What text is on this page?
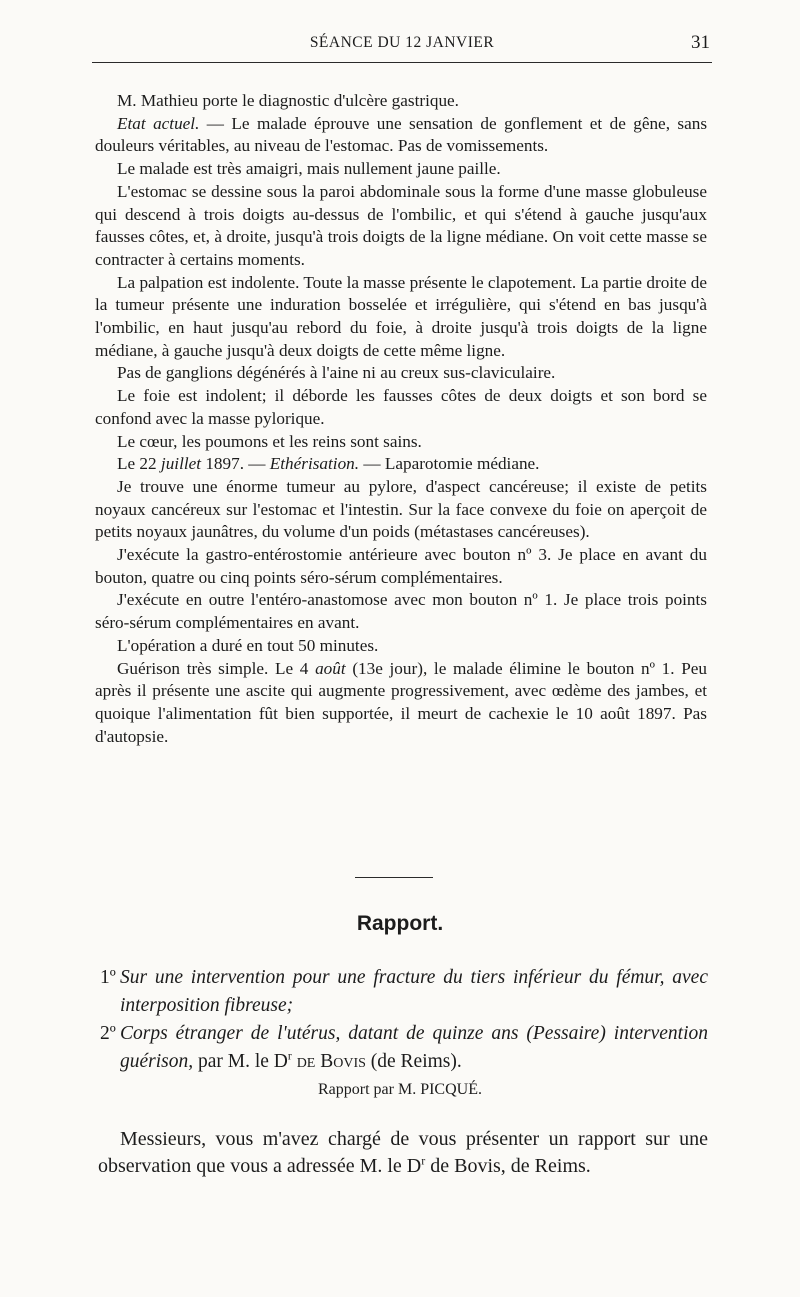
SÉANCE DU 12 JANVIER	31

M. Mathieu porte le diagnostic d'ulcère gastrique.

Etat actuel. — Le malade éprouve une sensation de gonflement et de gêne, sans douleurs véritables, au niveau de l'estomac. Pas de vomissements.

Le malade est très amaigri, mais nullement jaune paille.

L'estomac se dessine sous la paroi abdominale sous la forme d'une masse globuleuse qui descend à trois doigts au-dessus de l'ombilic, et qui s'étend à gauche jusqu'aux fausses côtes, et, à droite, jusqu'à trois doigts de la ligne médiane. On voit cette masse se contracter à certains moments.

La palpation est indolente. Toute la masse présente le clapotement. La partie droite de la tumeur présente une induration bosselée et irrégulière, qui s'étend en bas jusqu'à l'ombilic, en haut jusqu'au rebord du foie, à droite jusqu'à trois doigts de la ligne médiane, à gauche jusqu'à deux doigts de cette même ligne.

Pas de ganglions dégénérés à l'aine ni au creux sus-claviculaire.

Le foie est indolent; il déborde les fausses côtes de deux doigts et son bord se confond avec la masse pylorique.

Le cœur, les poumons et les reins sont sains.

Le 22 juillet 1897. — Ethérisation. — Laparotomie médiane.

Je trouve une énorme tumeur au pylore, d'aspect cancéreuse; il existe de petits noyaux cancéreux sur l'estomac et l'intestin. Sur la face convexe du foie on aperçoit de petits noyaux jaunâtres, du volume d'un poids (métastases cancéreuses).

J'exécute la gastro-entérostomie antérieure avec bouton nº 3. Je place en avant du bouton, quatre ou cinq points séro-sérum complémentaires.

J'exécute en outre l'entéro-anastomose avec mon bouton nº 1. Je place trois points séro-sérum complémentaires en avant.

L'opération a duré en tout 50 minutes.

Guérison très simple. Le 4 août (13e jour), le malade élimine le bouton nº 1. Peu après il présente une ascite qui augmente progressivement, avec œdème des jambes, et quoique l'alimentation fût bien supportée, il meurt de cachexie le 10 août 1897. Pas d'autopsie.

Rapport.
1º Sur une intervention pour une fracture du tiers inférieur du fémur, avec interposition fibreuse;
2º Corps étranger de l'utérus, datant de quinze ans (Pessaire) intervention guérison, par M. le $D^r$ de Bovis (de Reims).
Rapport par M. PICQUÉ.

Messieurs, vous m'avez chargé de vous présenter un rapport sur une observation que vous a adressée M. le $D^r$ de Bovis, de Reims.
